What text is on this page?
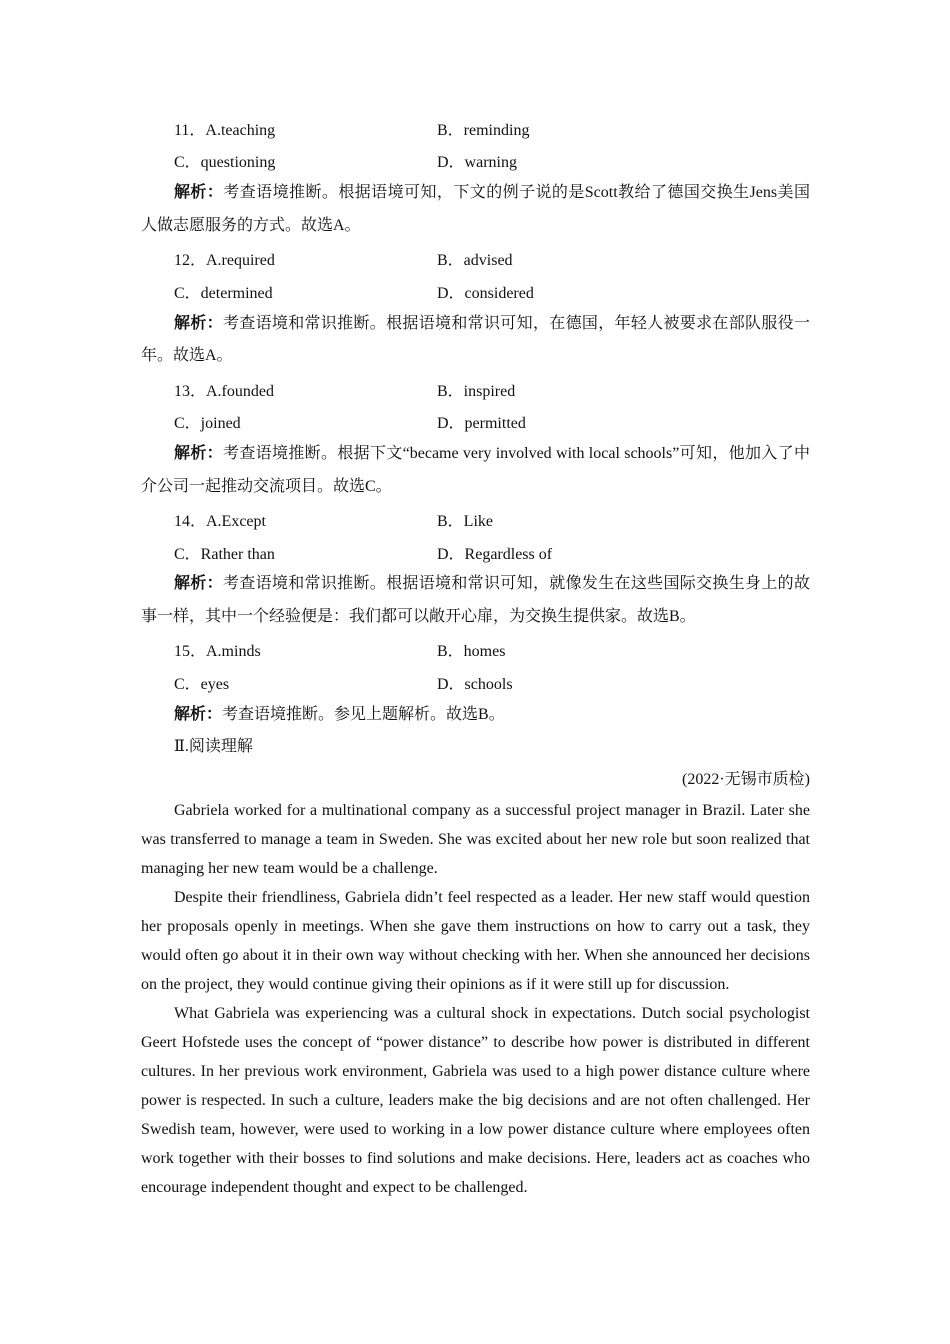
11．A.teaching	B．reminding
C．questioning	D．warning
解析：考查语境推断。根据语境可知，下文的例子说的是Scott教给了德国交换生Jens美国人做志愿服务的方式。故选A。
12．A.required	B．advised
C．determined	D．considered
解析：考查语境和常识推断。根据语境和常识可知，在德国，年轻人被要求在部队服役一年。故选A。
13．A.founded	B．inspired
C．joined	D．permitted
解析：考查语境推断。根据下文“became very involved with local schools”可知，他加入了中介公司一起推动交流项目。故选C。
14．A.Except	B．Like
C．Rather than	D．Regardless of
解析：考查语境和常识推断。根据语境和常识可知，就像发生在这些国际交换生身上的故事一样，其中一个经验便是：我们都可以敞开心扉，为交换生提供家。故选B。
15．A.minds	B．homes
C．eyes	D．schools
解析：考查语境推断。参见上题解析。故选B。
Ⅱ.阅读理解
(2022·无锡市质检)

Gabriela worked for a multinational company as a successful project manager in Brazil. Later she was transferred to manage a team in Sweden. She was excited about her new role but soon realized that managing her new team would be a challenge.

Despite their friendliness, Gabriela didn’t feel respected as a leader. Her new staff would question her proposals openly in meetings. When she gave them instructions on how to carry out a task, they would often go about it in their own way without checking with her. When she announced her decisions on the project, they would continue giving their opinions as if it were still up for discussion.

What Gabriela was experiencing was a cultural shock in expectations. Dutch social psychologist Geert Hofstede uses the concept of “power distance” to describe how power is distributed in different cultures. In her previous work environment, Gabriela was used to a high power distance culture where power is respected. In such a culture, leaders make the big decisions and are not often challenged. Her Swedish team, however, were used to working in a low power distance culture where employees often work together with their bosses to find solutions and make decisions. Here, leaders act as coaches who encourage independent thought and expect to be challenged.
